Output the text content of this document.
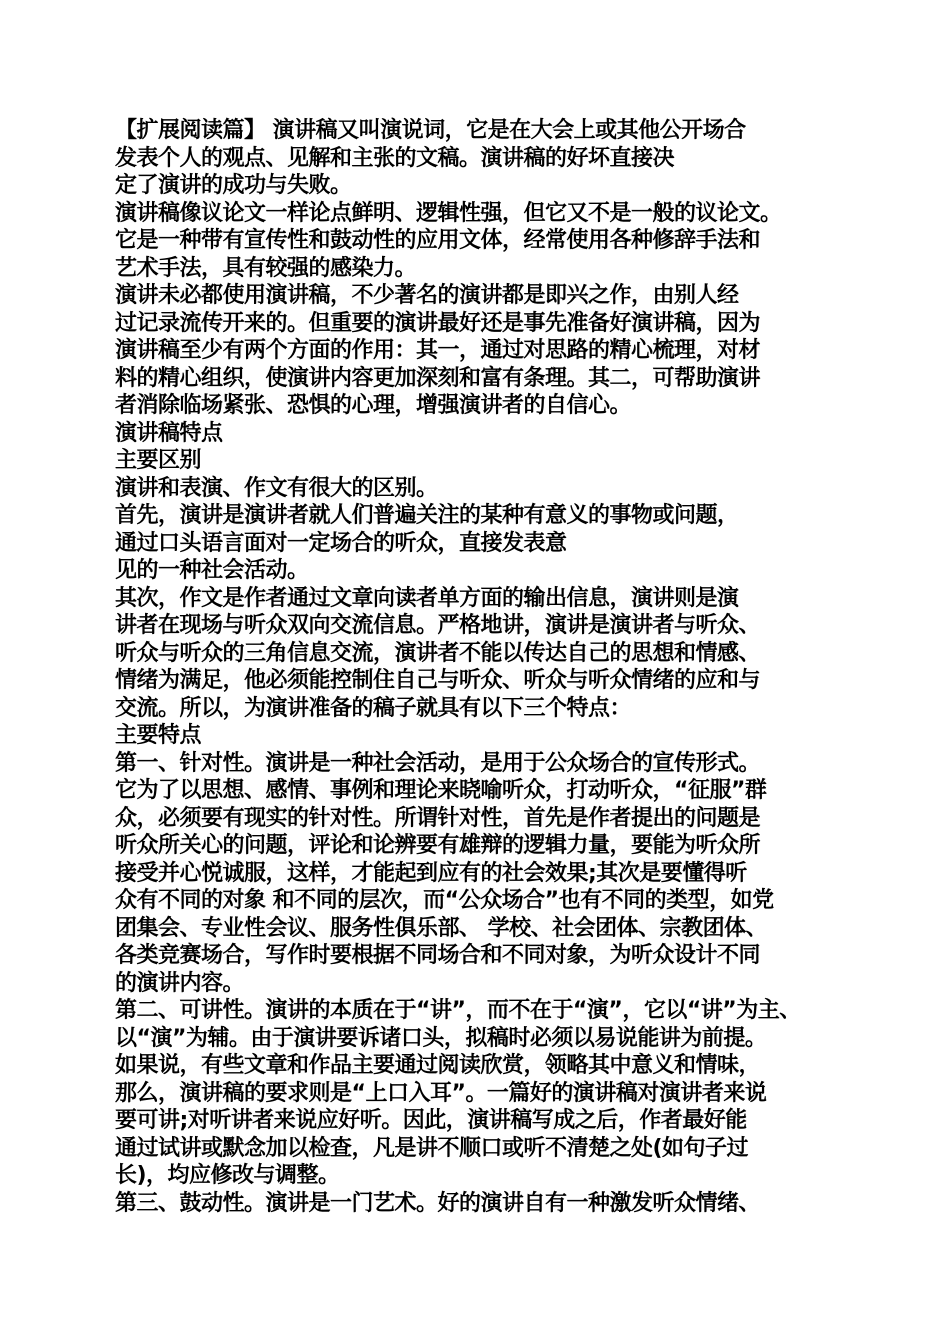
【扩展阅读篇】 演讲稿又叫演说词，它是在大会上或其他公开场合
发表个人的观点、见解和主张的文稿。演讲稿的好坏直接决
定了演讲的成功与失败。
演讲稿像议论文一样论点鲜明、逻辑性强，但它又不是一般的议论文。
它是一种带有宣传性和鼓动性的应用文体，经常使用各种修辞手法和
艺术手法，具有较强的感染力。
演讲未必都使用演讲稿，不少著名的演讲都是即兴之作，由别人经
过记录流传开来的。但重要的演讲最好还是事先准备好演讲稿，因为
演讲稿至少有两个方面的作用：其一，通过对思路的精心梳理，对材
料的精心组织，使演讲内容更加深刻和富有条理。其二，可帮助演讲
者消除临场紧张、恐惧的心理，增强演讲者的自信心。
演讲稿特点
主要区别
演讲和表演、作文有很大的区别。
首先，演讲是演讲者就人们普遍关注的某种有意义的事物或问题，
通过口头语言面对一定场合的听众，直接发表意
见的一种社会活动。
其次，作文是作者通过文章向读者单方面的输出信息，演讲则是演
讲者在现场与听众双向交流信息。严格地讲，演讲是演讲者与听众、
听众与听众的三角信息交流，演讲者不能以传达自己的思想和情感、
情绪为满足，他必须能控制住自己与听众、听众与听众情绪的应和与
交流。所以，为演讲准备的稿子就具有以下三个特点：
主要特点
第一、针对性。演讲是一种社会活动，是用于公众场合的宣传形式。
它为了以思想、感情、事例和理论来晓喻听众，打动听众，“征服”群
众，必须要有现实的针对性。所谓针对性，首先是作者提出的问题是
听众所关心的问题，评论和论辨要有雄辩的逻辑力量，要能为听众所
接受并心悦诚服，这样，才能起到应有的社会效果;其次是要懂得听
众有不同的对象 和不同的层次，而“公众场合”也有不同的类型，如党
团集会、专业性会议、服务性俱乐部、 学校、社会团体、宗教团体、
各类竞赛场合，写作时要根据不同场合和不同对象，为听众设计不同
的演讲内容。
第二、可讲性。演讲的本质在于“讲”，而不在于“演”，它以“讲”为主、
以“演”为辅。由于演讲要诉诸口头，拟稿时必须以易说能讲为前提。
如果说，有些文章和作品主要通过阅读欣赏，领略其中意义和情味，
那么，演讲稿的要求则是“上口入耳”。一篇好的演讲稿对演讲者来说
要可讲;对听讲者来说应好听。因此，演讲稿写成之后，作者最好能
通过试讲或默念加以检查，凡是讲不顺口或听不清楚之处(如句子过
长)，均应修改与调整。
第三、鼓动性。演讲是一门艺术。好的演讲自有一种激发听众情绪、
